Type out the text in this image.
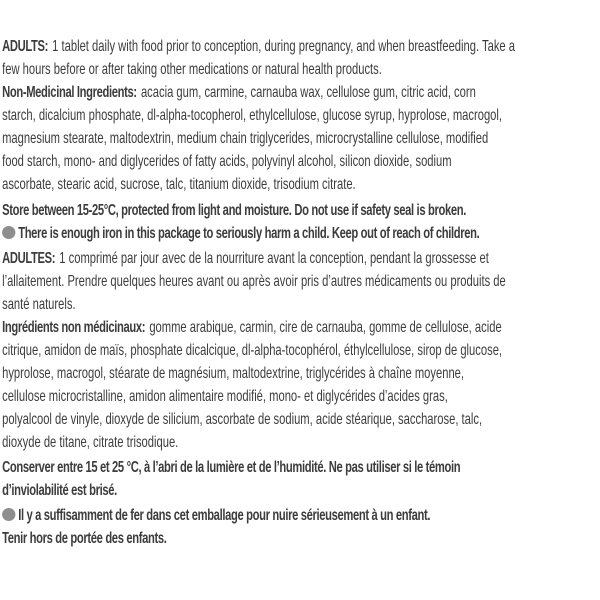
ADULTS: 1 tablet daily with food prior to conception, during pregnancy, and when breastfeeding. Take a
few hours before or after taking other medications or natural health products.

Non-Medicinal Ingredients: acacia gum, carmine, carnauba wax, cellulose gum, citric acid, corn
starch, dicalcium phosphate, dl-alpha-tocopherol, ethylcellulose, glucose syrup, hyprolose, macrogol,
magnesium stearate, maltodextrin, medium chain triglycerides, microcrystalline cellulose, modified
food starch, mono- and diglycerides of fatty acids, polyvinyl alcohol, silicon dioxide, sodium
ascorbate, stearic acid, sucrose, talc, titanium dioxide, trisodium citrate.

Store between 15-25°C, protected from light and moisture. Do not use if safety seal is broken.

There is enough iron in this package to seriously harm a child. Keep out of reach of children.

ADULTES: 1 comprimé par jour avec de la nourriture avant la conception, pendant la grossesse et
l’allaitement. Prendre quelques heures avant ou après avoir pris d’autres médicaments ou produits de
santé naturels.

Ingrédients non médicinaux: gomme arabique, carmin, cire de carnauba, gomme de cellulose, acide
citrique, amidon de maïs, phosphate dicalcique, dl-alpha-tocophérol, éthylcellulose, sirop de glucose,
hyprolose, macrogol, stéarate de magnésium, maltodextrine, triglycérides à chaîne moyenne,
cellulose microcristalline, amidon alimentaire modifié, mono- et diglycérides d’acides gras,
polyalcool de vinyle, dioxyde de silicium, ascorbate de sodium, acide stéarique, saccharose, talc,
dioxyde de titane, citrate trisodique.

Conserver entre 15 et 25 °C, à l’abri de la lumière et de l’humidité. Ne pas utiliser si le témoin
d’inviolabilité est brisé.

Il y a suffisamment de fer dans cet emballage pour nuire sérieusement à un enfant.
Tenir hors de portée des enfants.
